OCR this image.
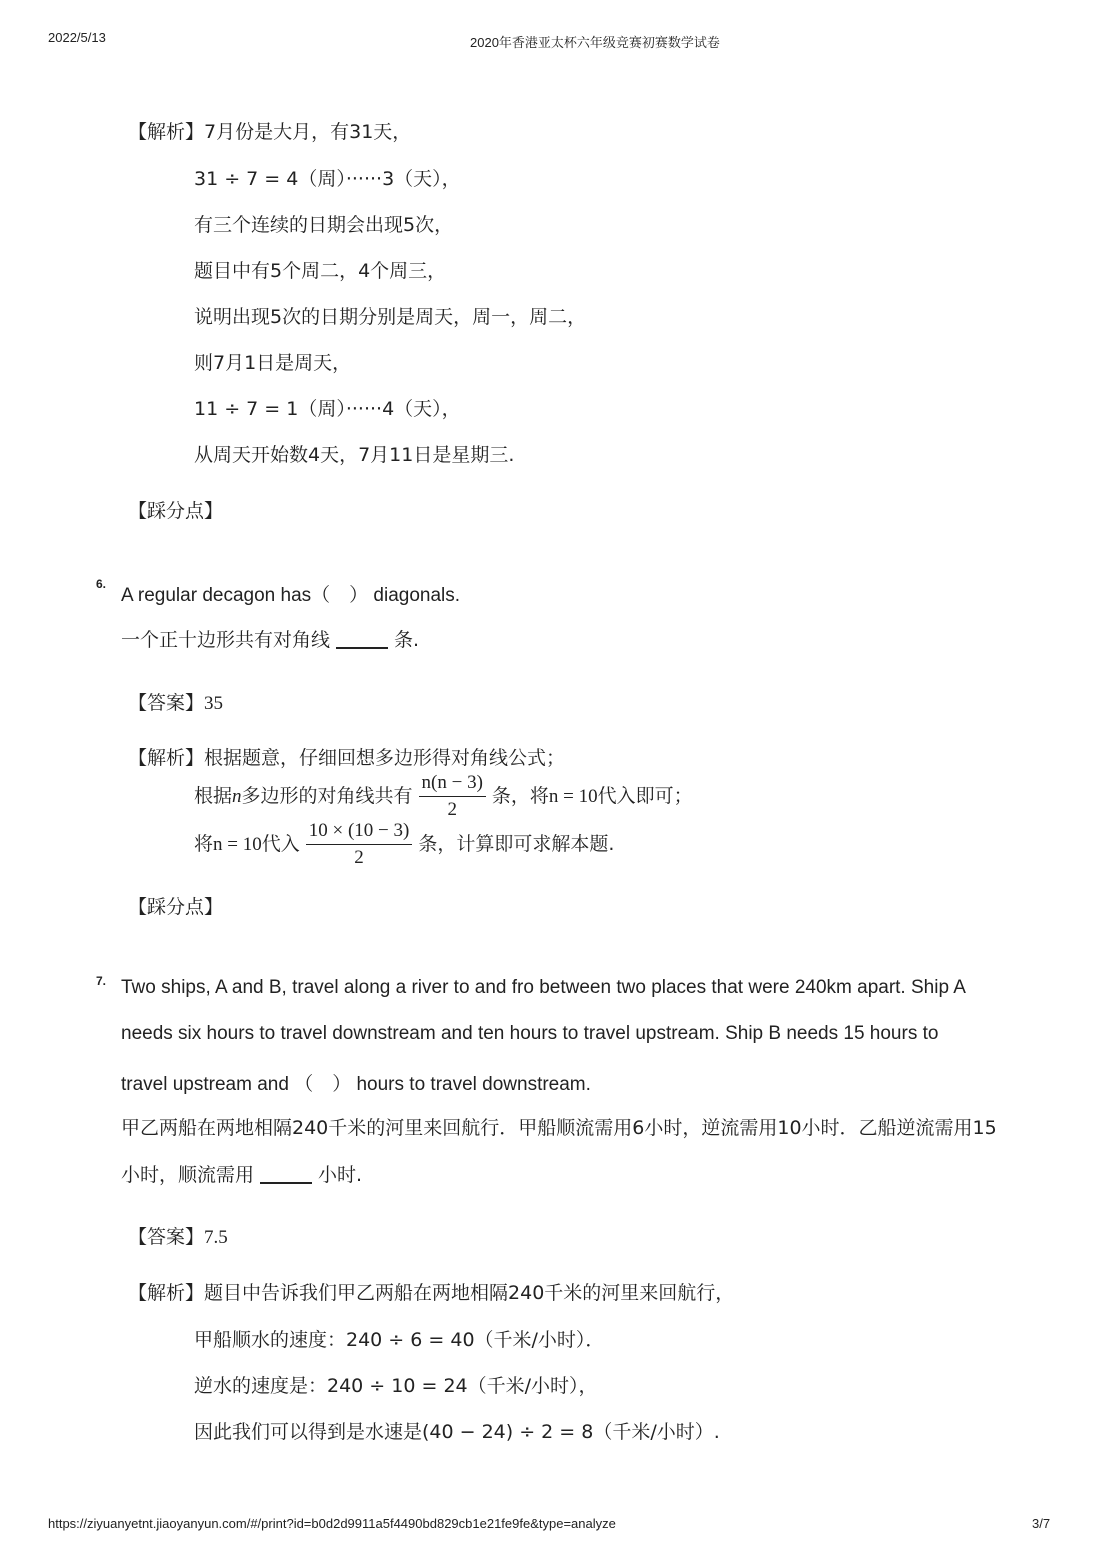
2022/5/13	2020年香港亚太杯六年级竞赛初赛数学试卷
【解析】7月份是大月，有31天，
31 ÷ 7 = 4（周）······3（天），
有三个连续的日期会出现5次，
题目中有5个周二，4个周三，
说明出现5次的日期分别是周天，周一，周二，
则7月1日是周天，
11 ÷ 7 = 1（周）······4（天），
从周天开始数4天，7月11日是星期三.
【踩分点】
6.
A regular decagon has（　） diagonals.
一个正十边形共有对角线	条.
【答案】35
【解析】根据题意，仔细回想多边形得对角线公式；
根据n多边形的对角线共有 $\frac{n(n - 3)}{2}$ 条，将n = 10代入即可；
将n = 10代入 $\frac{10 \times (10 - 3)}{2}$ 条，计算即可求解本题.
【踩分点】
7. Two ships, A and B, travel along a river to and fro between two places that were 240km apart. Ship A
needs six hours to travel downstream and ten hours to travel upstream. Ship B needs 15 hours to
travel upstream and （　） hours to travel downstream.
甲乙两船在两地相隔240千米的河里来回航行．甲船顺流需用6小时，逆流需用10小时．乙船逆流需用15
小时，顺流需用	小时.
【答案】7.5
【解析】题目中告诉我们甲乙两船在两地相隔240千米的河里来回航行，
甲船顺水的速度：240 ÷ 6 = 40（千米/小时）．
逆水的速度是：240 ÷ 10 = 24（千米/小时），
因此我们可以得到是水速是(40 − 24) ÷ 2 = 8（千米/小时）.
https://ziyuanyetnt.jiaoyanyun.com/#/print?id=b0d2d9911a5f4490bd829cb1e21fe9fe&type=analyze	3/7
